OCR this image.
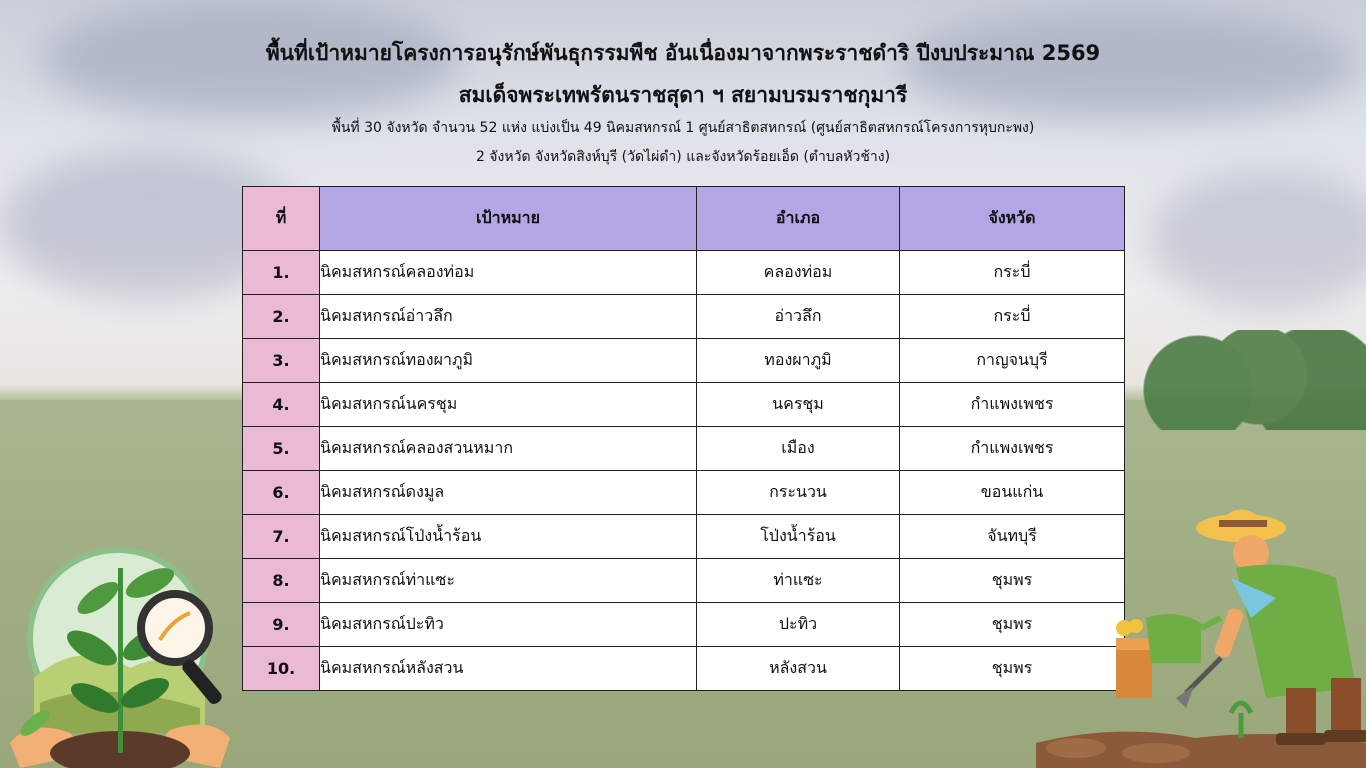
พื้นที่เป้าหมายโครงการอนุรักษ์พันธุกรรมพืช อันเนื่องมาจากพระราชดำริ ปีงบประมาณ 2569

สมเด็จพระเทพรัตนราชสุดา ฯ สยามบรมราชกุมารี

พื้นที่ 30 จังหวัด จำนวน 52 แห่ง แบ่งเป็น 49 นิคมสหกรณ์ 1 ศูนย์สาธิตสหกรณ์ (ศูนย์สาธิตสหกรณ์โครงการหุบกะพง)

2 จังหวัด จังหวัดสิงห์บุรี (วัดไผ่ดำ) และจังหวัดร้อยเอ็ด (ตำบลหัวช้าง)

ที่	เป้าหมาย	อำเภอ	จังหวัด
1.	นิคมสหกรณ์คลองท่อม	คลองท่อม	กระบี่
2.	นิคมสหกรณ์อ่าวลึก	อ่าวลึก	กระบี่
3.	นิคมสหกรณ์ทองผาภูมิ	ทองผาภูมิ	กาญจนบุรี
4.	นิคมสหกรณ์นครชุม	นครชุม	กำแพงเพชร
5.	นิคมสหกรณ์คลองสวนหมาก	เมือง	กำแพงเพชร
6.	นิคมสหกรณ์ดงมูล	กระนวน	ขอนแก่น
7.	นิคมสหกรณ์โป่งน้ำร้อน	โป่งน้ำร้อน	จันทบุรี
8.	นิคมสหกรณ์ท่าแซะ	ท่าแซะ	ชุมพร
9.	นิคมสหกรณ์ปะทิว	ปะทิว	ชุมพร
10.	นิคมสหกรณ์หลังสวน	หลังสวน	ชุมพร
